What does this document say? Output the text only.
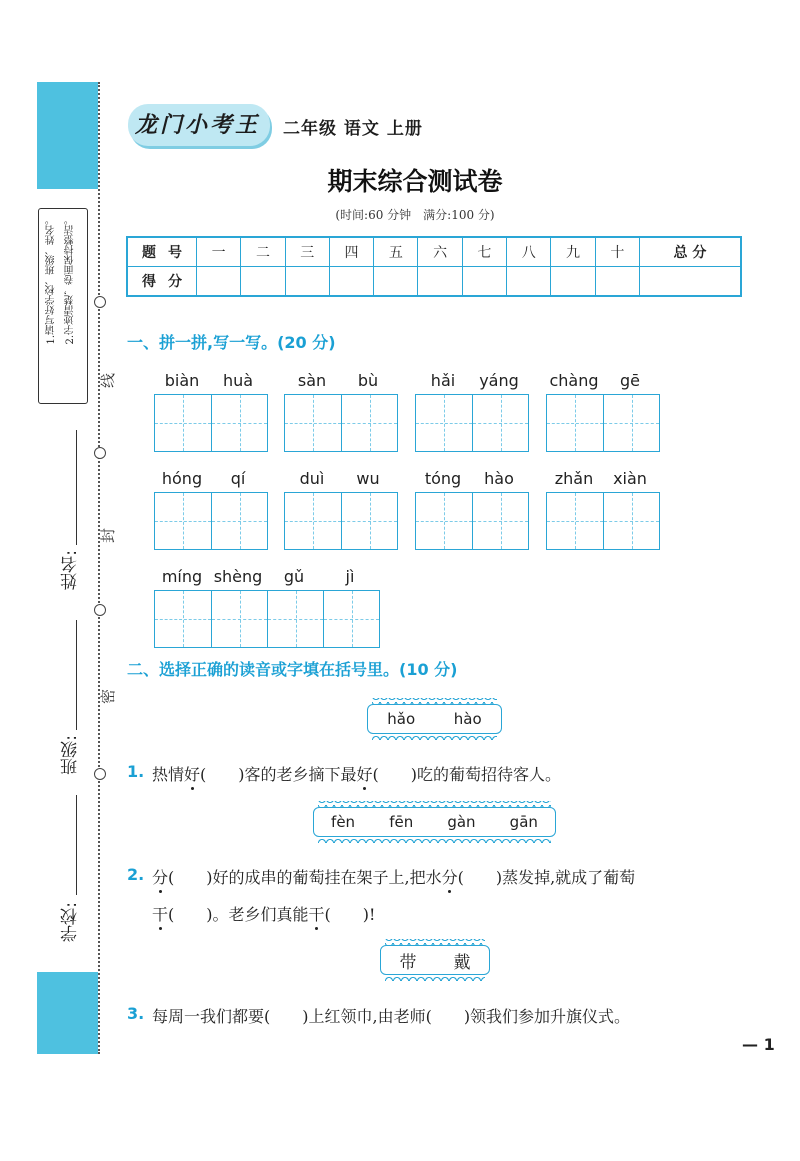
1.请写好学校、班级、姓名。 2.字迹清楚，卷面保持整洁。
线
封
密
姓名:
班级:
学校:
龙门小考王 二年级 语文 上册
期末综合测试卷
(时间:60 分钟　满分:100 分)
题号	一	二	三	四	五	六	七	八	九	十	总 分
得分											
一、拼一拼,写一写。(20 分)
biàn	huà	sàn	bù	hǎi	yáng	chàng	gē
hóng	qí	duì	wu	tóng	hào	zhǎn	xiàn
míng shèng	gǔ	jì
二、选择正确的读音或字填在括号里。(10 分)
hǎo	hào
1. 热情好(　　)客的老乡摘下最好(　　)吃的葡萄招待客人。
fèn fēn gàn gān
2. 分(　　)好的成串的葡萄挂在架子上,把水分(　　)蒸发掉,就成了葡萄
干(　　)。老乡们真能干(　　)!
带 戴
3. 每周一我们都要(　　)上红领巾,由老师(　　)领我们参加升旗仪式。
— 1
